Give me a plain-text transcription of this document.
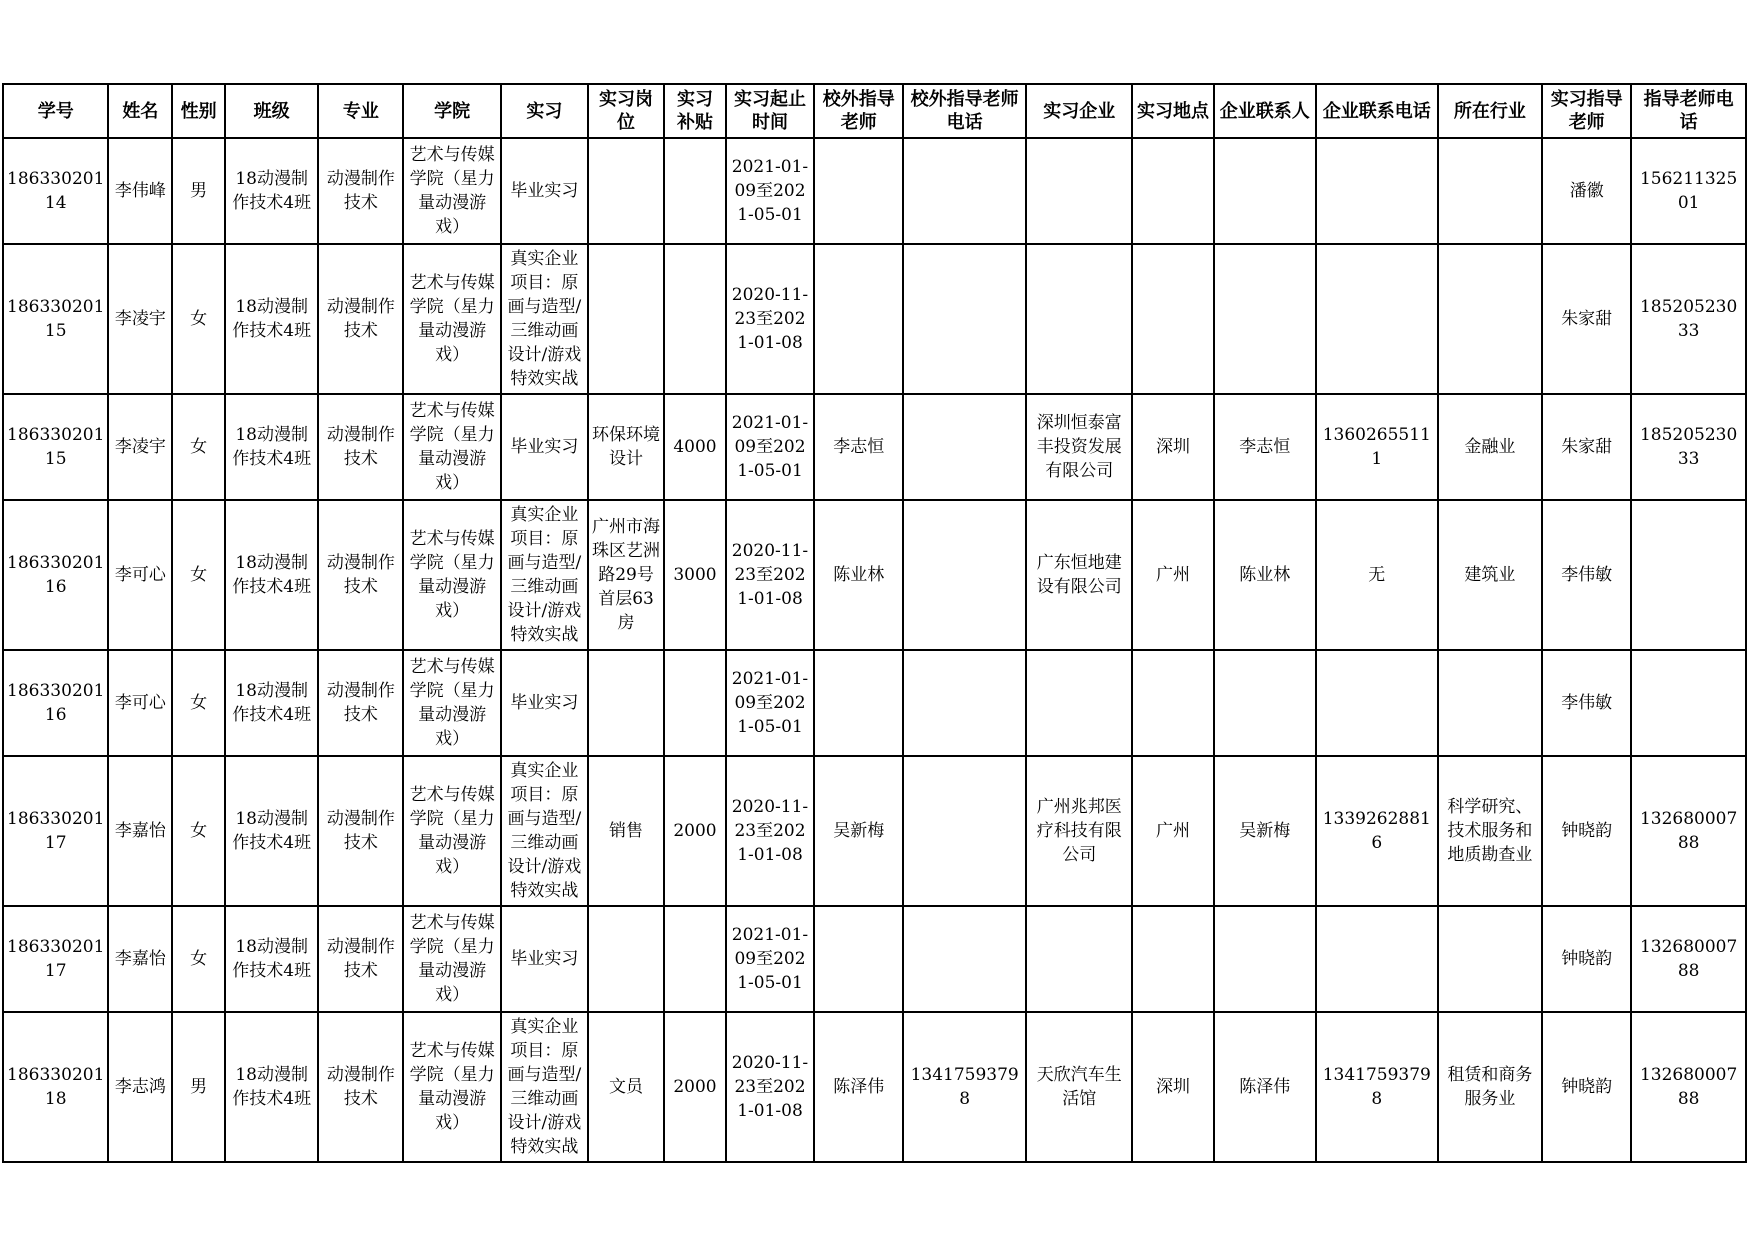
学号	姓名	性别	班级	专业	学院	实习	实习岗位	实习补贴	实习起止时间	校外指导老师	校外指导老师电话	实习企业	实习地点	企业联系人	企业联系电话	所在行业	实习指导老师	指导老师电话

18633020114	李伟峰	男	18动漫制作技术4班	动漫制作技术	艺术与传媒学院（星力量动漫游戏）	毕业实习			2021-01-09至2021-05-01								潘徽	15621132501

18633020115	李凌宇	女	18动漫制作技术4班	动漫制作技术	艺术与传媒学院（星力量动漫游戏）	真实企业项目：原画与造型/三维动画设计/游戏特效实战			2020-11-23至2021-01-08								朱家甜	18520523033

18633020115	李凌宇	女	18动漫制作技术4班	动漫制作技术	艺术与传媒学院（星力量动漫游戏）	毕业实习	环保环境设计	4000	2021-01-09至2021-05-01	李志恒		深圳恒泰富丰投资发展有限公司	深圳	李志恒	13602655111	金融业	朱家甜	18520523033

18633020116	李可心	女	18动漫制作技术4班	动漫制作技术	艺术与传媒学院（星力量动漫游戏）	真实企业项目：原画与造型/三维动画设计/游戏特效实战	广州市海珠区艺洲路29号首层63房	3000	2020-11-23至2021-01-08	陈业林		广东恒地建设有限公司	广州	陈业林	无	建筑业	李伟敏	

18633020116	李可心	女	18动漫制作技术4班	动漫制作技术	艺术与传媒学院（星力量动漫游戏）	毕业实习			2021-01-09至2021-05-01								李伟敏	

18633020117	李嘉怡	女	18动漫制作技术4班	动漫制作技术	艺术与传媒学院（星力量动漫游戏）	真实企业项目：原画与造型/三维动画设计/游戏特效实战	销售	2000	2020-11-23至2021-01-08	吴新梅		广州兆邦医疗科技有限公司	广州	吴新梅	13392628816	科学研究、技术服务和地质勘查业	钟晓韵	13268000788

18633020117	李嘉怡	女	18动漫制作技术4班	动漫制作技术	艺术与传媒学院（星力量动漫游戏）	毕业实习			2021-01-09至2021-05-01								钟晓韵	13268000788

18633020118	李志鸿	男	18动漫制作技术4班	动漫制作技术	艺术与传媒学院（星力量动漫游戏）	真实企业项目：原画与造型/三维动画设计/游戏特效实战	文员	2000	2020-11-23至2021-01-08	陈泽伟	13417593798	天欣汽车生活馆	深圳	陈泽伟	13417593798	租赁和商务服务业	钟晓韵	13268000788
